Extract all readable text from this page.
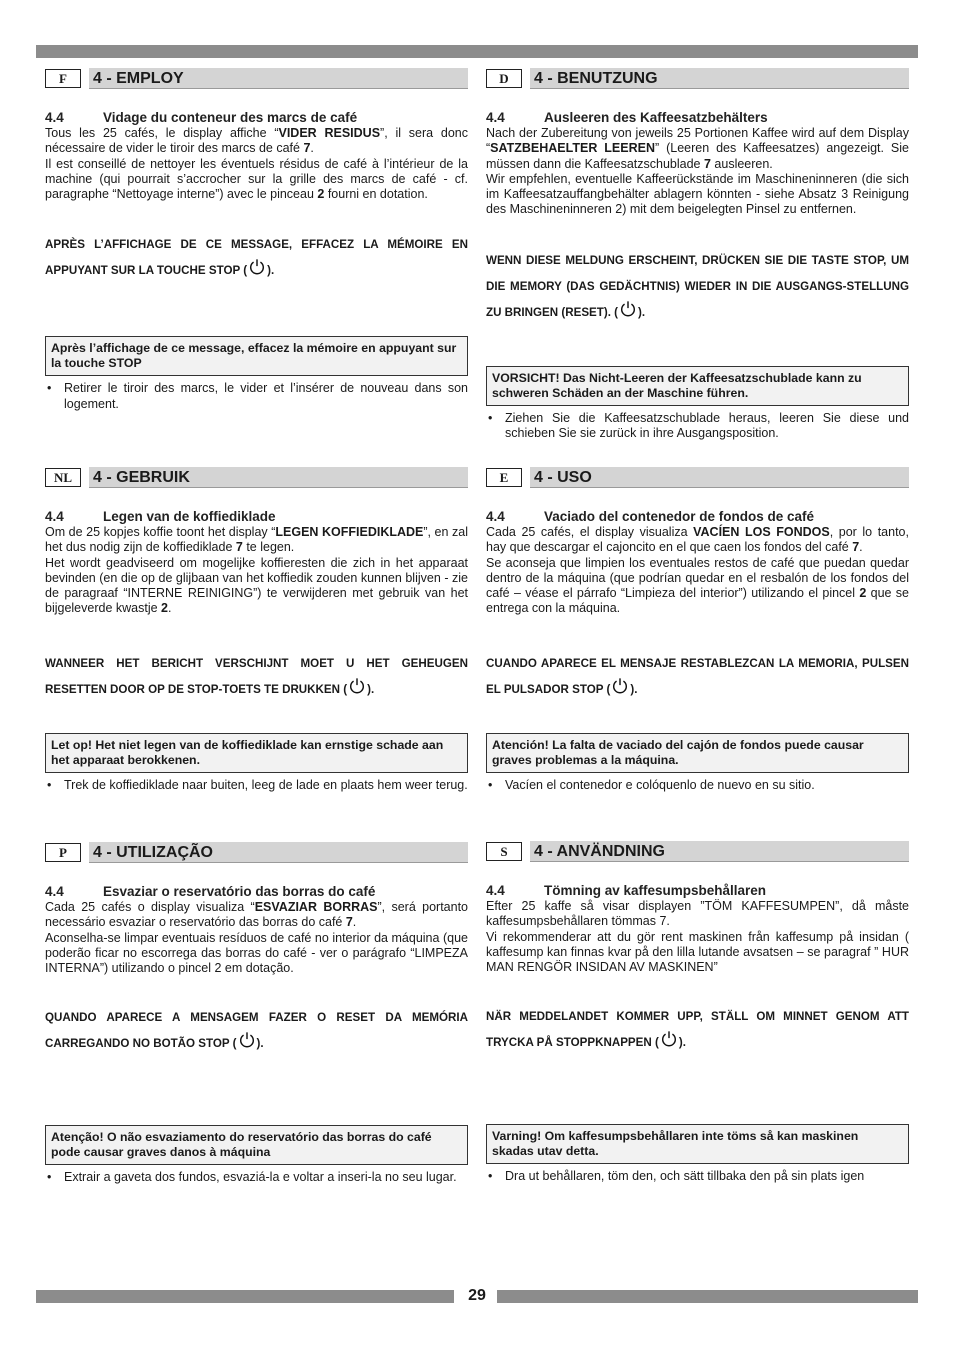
F	4 - EMPLOY
4.4	Vidage du conteneur des marcs de café

Tous les 25 cafés, le display affiche “VIDER RESIDUS”, il sera donc nécessaire de vider le tiroir des marcs de café 7.

Il est conseillé de nettoyer les éventuels résidus de café à l’intérieur de la machine (qui pourrait s’accrocher sur la grille des marcs de café - cf. paragraphe “Nettoyage interne”) avec le pinceau 2 fourni en dotation.

APRÈS L’AFFICHAGE DE CE MESSAGE, EFFACEZ LA MÉMOIRE EN APPUYANT SUR LA TOUCHE STOP ( ).
Après l’affichage de ce message, effacez la mémoire en appuyant sur la touche STOP
• Retirer le tiroir des marcs, le vider et l’insérer de nouveau dans son logement.
D	4 - BENUTZUNG
4.4	Ausleeren des Kaffeesatzbehälters

Nach der Zubereitung von jeweils 25 Portionen Kaffee wird auf dem Display “SATZBEHAELTER LEEREN” (Leeren des Kaffeesatzes) angezeigt. Sie müssen dann die Kaffeesatzschublade 7 ausleeren.

Wir empfehlen, eventuelle Kaffeerückstände im Maschineninneren (die sich im Kaffeesatzauffangbehälter ablagern könnten - siehe Absatz 3 Reinigung des Maschineninneren 2) mit dem beigelegten Pinsel zu entfernen.

WENN DIESE MELDUNG ERSCHEINT, DRÜCKEN SIE DIE TASTE STOP, UM DIE MEMORY (DAS GEDÄCHTNIS) WIEDER IN DIE AUSGANGS-STELLUNG ZU BRINGEN (RESET). ( ).
VORSICHT! Das Nicht-Leeren der Kaffeesatzschublade kann zu schweren Schäden an der Maschine führen.
• Ziehen Sie die Kaffeesatzschublade heraus, leeren Sie diese und schieben Sie sie zurück in ihre Ausgangsposition.
NL	4 - GEBRUIK
4.4	Legen van de koffiediklade

Om de 25 kopjes koffie toont het display “LEGEN KOFFIEDIKLADE”, en zal het dus nodig zijn de koffiediklade 7 te legen.

Het wordt geadviseerd om mogelijke koffieresten die zich in het apparaat bevinden (en die op de glijbaan van het koffiedik zouden kunnen blijven - zie de paragraaf “INTERNE REINIGING”) te verwijderen met gebruik van het bijgeleverde kwastje 2.

WANNEER HET BERICHT VERSCHIJNT MOET U HET GEHEUGEN RESETTEN DOOR OP DE STOP-TOETS TE DRUKKEN ( ).
Let op! Het niet legen van de koffiediklade kan ernstige schade aan het apparaat berokkenen.
• Trek de koffiediklade naar buiten, leeg de lade en plaats hem weer terug.
E	4 - USO
4.4	Vaciado del contenedor de fondos de café

Cada 25 cafés, el display visualiza VACÍEN LOS FONDOS, por lo tanto, hay que descargar el cajoncito en el que caen los fondos del café 7.

Se aconseja que limpien los eventuales restos de café que puedan quedar dentro de la máquina (que podrían quedar en el resbalón de los fondos del café – véase el párrafo “Limpieza del interior”) utilizando el pincel 2 que se entrega con la máquina.

CUANDO APARECE EL MENSAJE RESTABLEZCAN LA MEMORIA, PULSEN EL PULSADOR STOP ( ).
Atención! La falta de vaciado del cajón de fondos puede causar graves problemas a la máquina.
• Vacíen el contenedor e colóquenlo de nuevo en su sitio.
P	4 - UTILIZAÇÃO
4.4	Esvaziar o reservatório das borras do café

Cada 25 cafés o display visualiza “ESVAZIAR BORRAS”, será portanto necessário esvaziar o reservatório das borras do café 7.

Aconselha-se limpar eventuais resíduos de café no interior da máquina (que poderão ficar no escorrega das borras do café - ver o parágrafo “LIMPEZA INTERNA”) utilizando o pincel 2 em dotação.

QUANDO APARECE A MENSAGEM FAZER O RESET DA MEMÓRIA CARREGANDO NO BOTÃO STOP ( ).
Atenção! O não esvaziamento do reservatório das borras do café pode causar graves danos à máquina
• Extrair a gaveta dos fundos, esvaziá-la e voltar a inseri-la no seu lugar.
S	4 - ANVÄNDNING
4.4	Tömning av kaffesumpsbehållaren

Efter 25 kaffe så visar displayen ”TÖM KAFFESUMPEN”, då måste kaffesumpsbehållaren tömmas 7.

Vi rekommenderar att du gör rent maskinen från kaffesump på insidan ( kaffesump kan finnas kvar på den lilla lutande avsatsen – se paragraf ” HUR MAN RENGÖR INSIDAN AV MASKINEN”

NÄR MEDDELANDET KOMMER UPP, STÄLL OM MINNET GENOM ATT TRYCKA PÅ STOPPKNAPPEN ( ).
Varning! Om kaffesumpsbehållaren inte töms så kan maskinen skadas utav detta.
• Dra ut behållaren, töm den, och sätt tillbaka den på sin plats igen
29
